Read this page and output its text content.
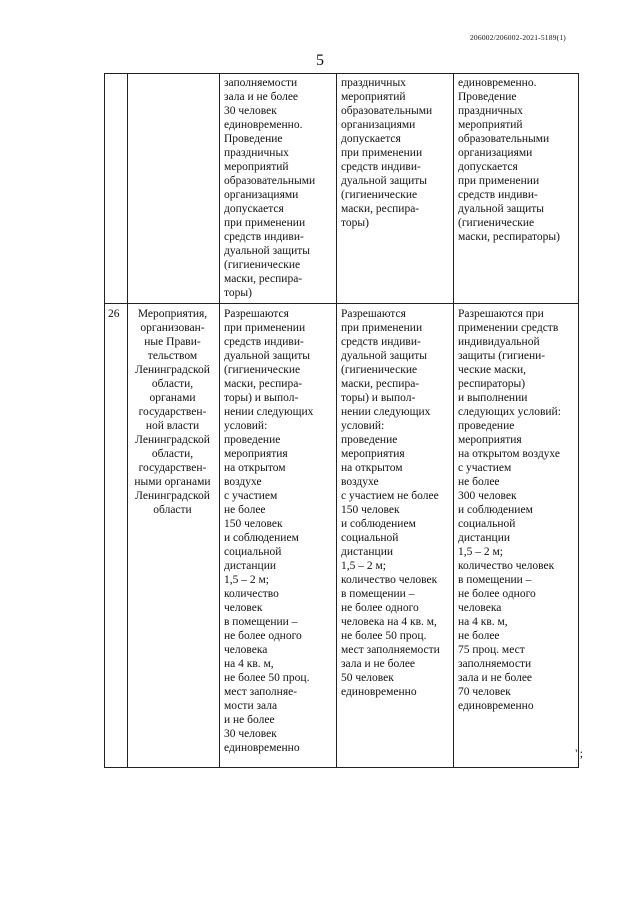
206002/206002-2021-5189(1)
5
заполняемости
зала и не более
30 человек
единовременно.
Проведение
праздничных
мероприятий
образовательными
организациями
допускается
при применении
средств индиви-
дуальной защиты
(гигиенические
маски, респира-
торы)
праздничных
мероприятий
образовательными
организациями
допускается
при применении
средств индиви-
дуальной защиты
(гигиенические
маски, респира-
торы)
единовременно.
Проведение
праздничных
мероприятий
образовательными
организациями
допускается
при применении
средств индиви-
дуальной защиты
(гигиенические
маски, респираторы)
26	Мероприятия,
организован-
ные Прави-
тельством
Ленинградской
области,
органами
государствен-
ной власти
Ленинградской
области,
государствен-
ными органами
Ленинградской
области
Разрешаются
при применении
средств индиви-
дуальной защиты
(гигиенические
маски, респира-
торы) и выпол-
нении следующих
условий:
проведение
мероприятия
на открытом
воздухе
с участием
не более
150 человек
и соблюдением
социальной
дистанции
1,5 – 2 м;
количество
человек
в помещении –
не более одного
человека
на 4 кв. м,
не более 50 проц.
мест заполняе-
мости зала
и не более
30 человек
единовременно
Разрешаются
при применении
средств индиви-
дуальной защиты
(гигиенические
маски, респира-
торы) и выпол-
нении следующих
условий:
проведение
мероприятия
на открытом
воздухе
с участием не более
150 человек
и соблюдением
социальной
дистанции
1,5 – 2 м;
количество человек
в помещении –
не более одного
человека на 4 кв. м,
не более 50 проц.
мест заполняемости
зала и не более
50 человек
единовременно
Разрешаются при
применении средств
индивидуальной
защиты (гигиени-
ческие маски,
респираторы)
и выполнении
следующих условий:
проведение
мероприятия
на открытом воздухе
с участием
не более
300 человек
и соблюдением
социальной
дистанции
1,5 – 2 м;
количество человек
в помещении –
не более одного
человека
на 4 кв. м,
не более
75 проц. мест
заполняемости
зала и не более
70 человек
единовременно
";
